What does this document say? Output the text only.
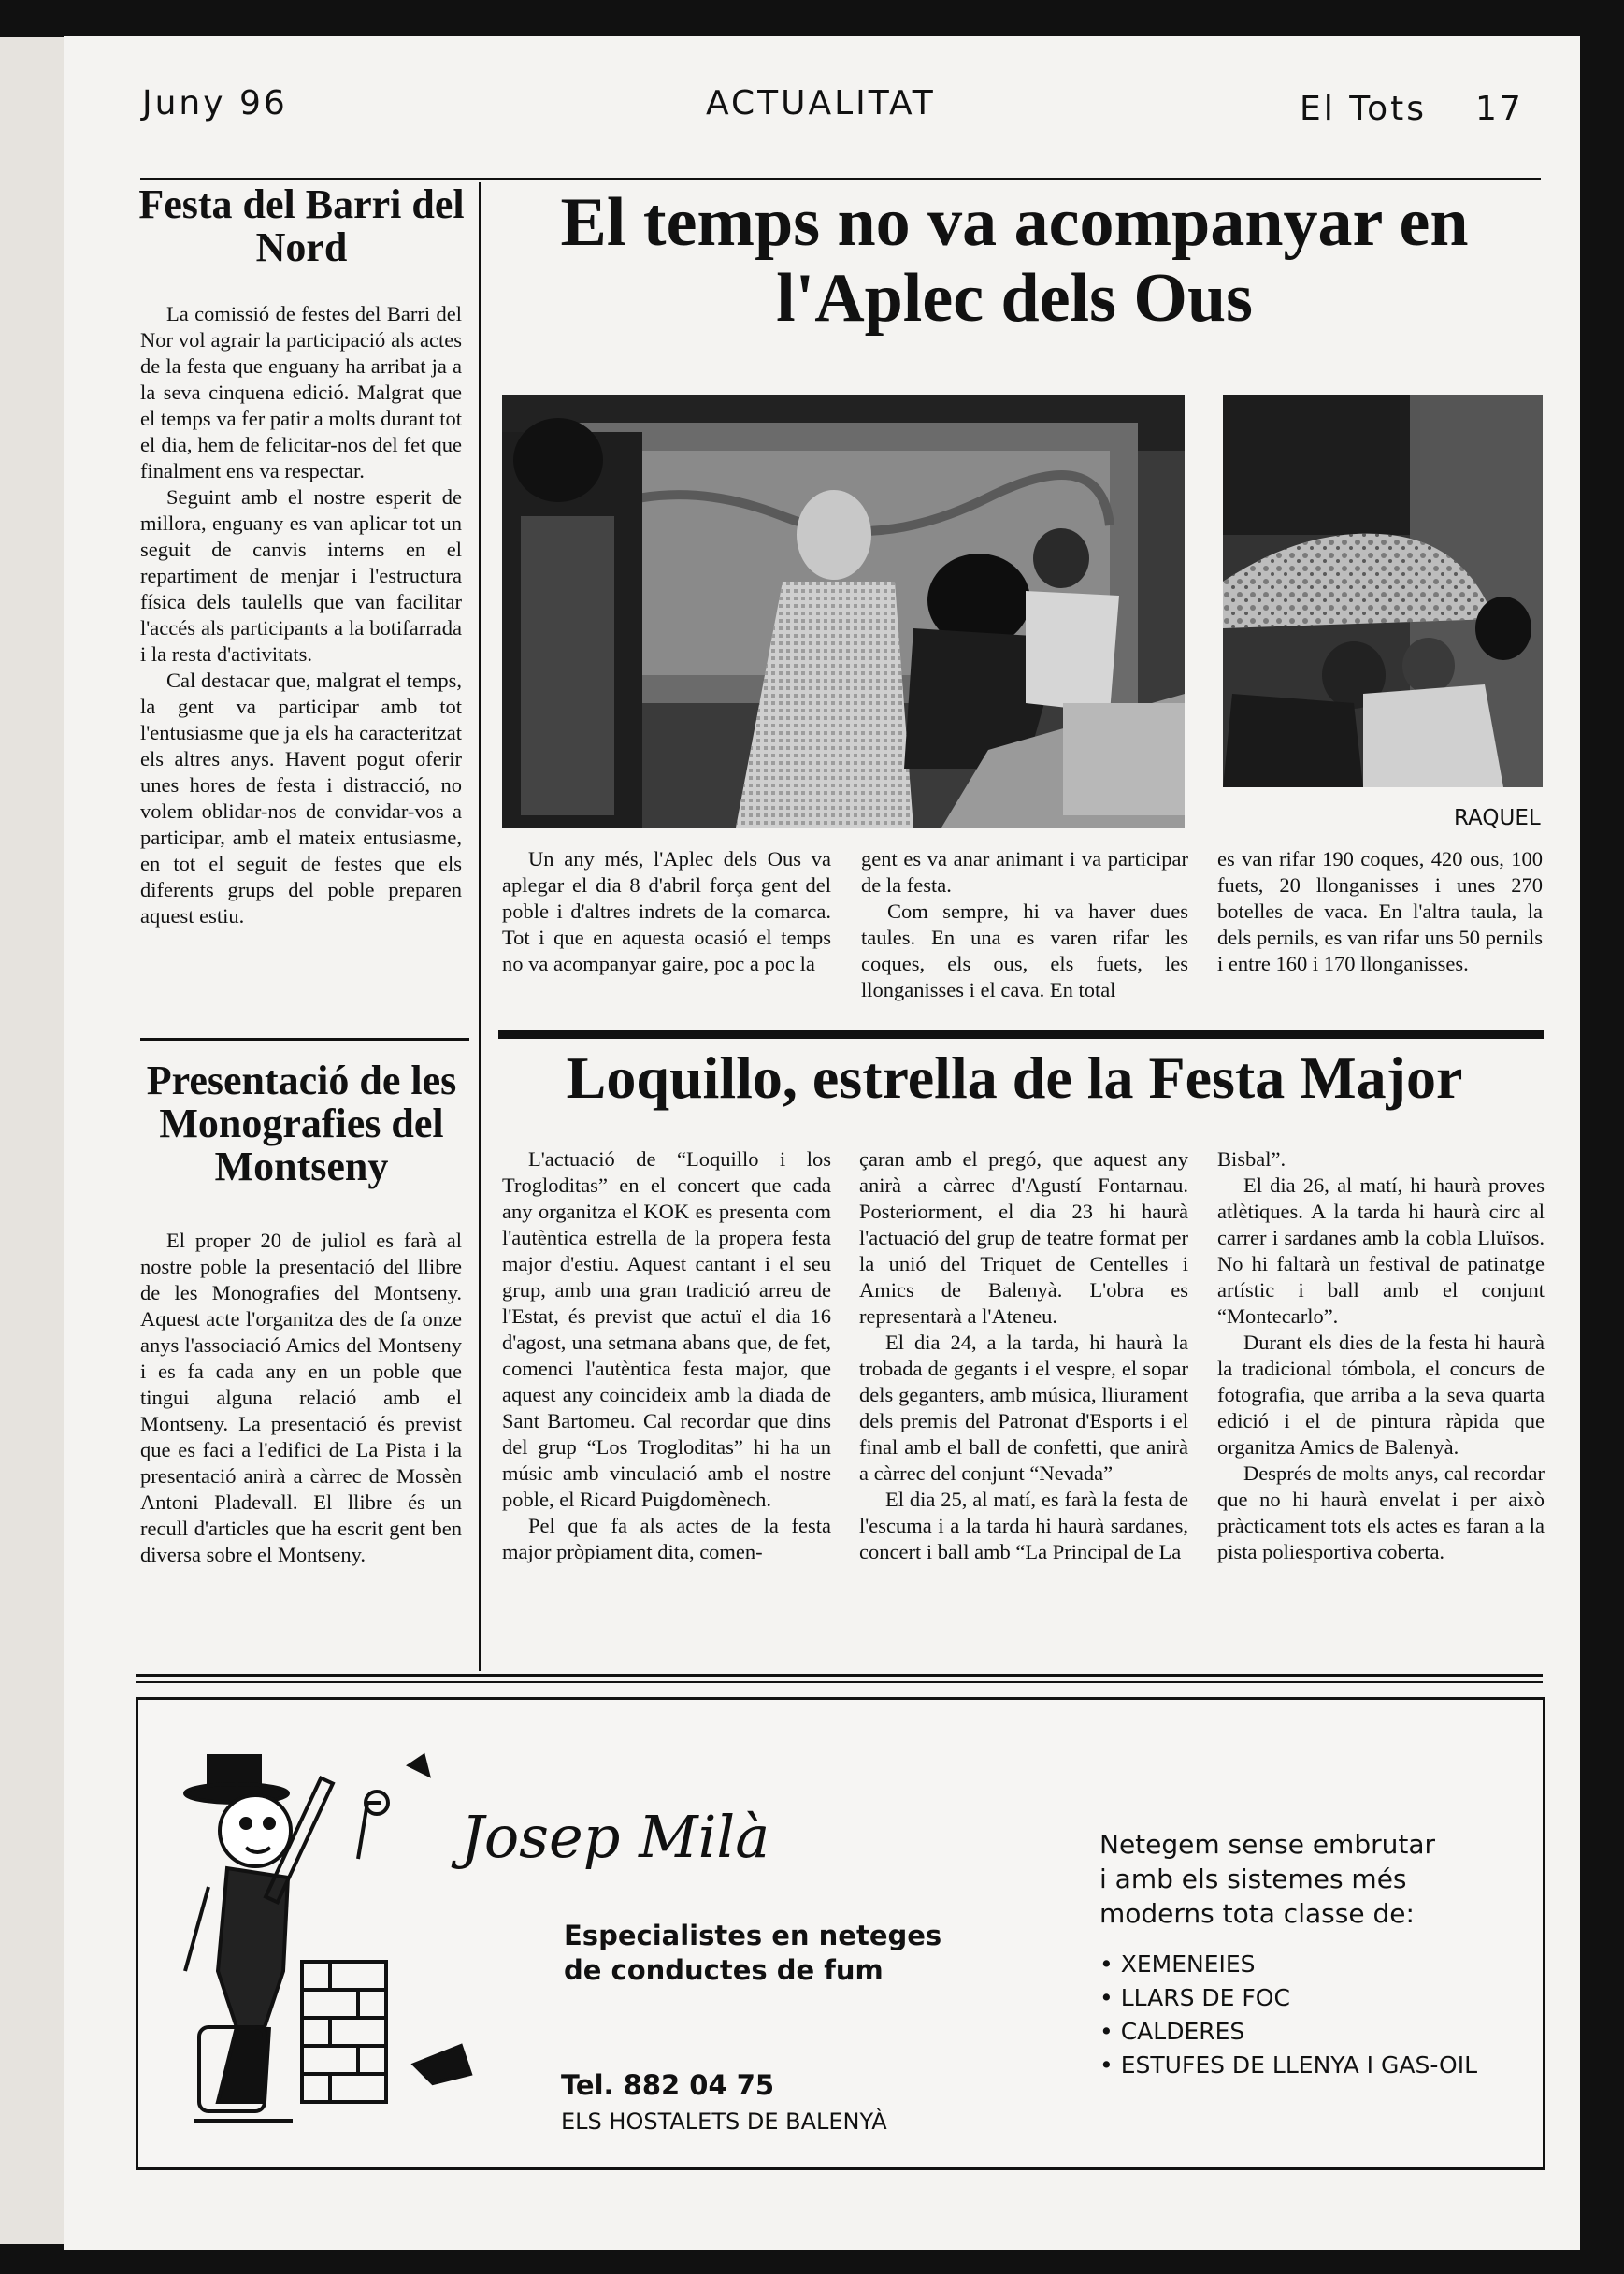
Juny 96	ACTUALITAT	El Tots 17
Festa del Barri del Nord

La comissió de festes del Barri del Nor vol agrair la participació als actes de la festa que enguany ha arribat ja a la seva cinquena edició. Malgrat que el temps va fer patir a molts durant tot el dia, hem de felicitar-nos del fet que finalment ens va respectar.

Seguint amb el nostre esperit de millora, enguany es van aplicar tot un seguit de canvis interns en el repartiment de menjar i l'estructura física dels taulells que van facilitar l'accés als participants a la botifarrada i la resta d'activitats.

Cal destacar que, malgrat el temps, la gent va participar amb tot l'entusiasme que ja els ha caracteritzat els altres anys. Havent pogut oferir unes hores de festa i distracció, no volem oblidar-nos de convidar-vos a participar, amb el mateix entusiasme, en tot el seguit de festes que els diferents grups del poble preparen aquest estiu.

Presentació de les Monografies del Montseny

El proper 20 de juliol es farà al nostre poble la presentació del llibre de les Monografies del Montseny. Aquest acte l'organitza des de fa onze anys l'associació Amics del Montseny i es fa cada any en un poble que tingui alguna relació amb el Montseny. La presentació és previst que es faci a l'edifici de La Pista i la presentació anirà a càrrec de Mossèn Antoni Pladevall. El llibre és un recull d'articles que ha escrit gent ben diversa sobre el Montseny.

El temps no va acompanyar en l'Aplec dels Ous
RAQUEL

Un any més, l'Aplec dels Ous va aplegar el dia 8 d'abril força gent del poble i d'altres indrets de la comarca. Tot i que en aquesta ocasió el temps no va acompanyar gaire, poc a poc la

gent es va anar animant i va participar de la festa.

Com sempre, hi va haver dues taules. En una es varen rifar les coques, els ous, els fuets, les llonganisses i el cava. En total

es van rifar 190 coques, 420 ous, 100 fuets, 20 llonganisses i unes 270 botelles de vaca. En l'altra taula, la dels pernils, es van rifar uns 50 pernils i entre 160 i 170 llonganisses.

Loquillo, estrella de la Festa Major

L'actuació de “Loquillo i los Trogloditas” en el concert que cada any organitza el KOK es presenta com l'autèntica estrella de la propera festa major d'estiu. Aquest cantant i el seu grup, amb una gran tradició arreu de l'Estat, és previst que actuï el dia 16 d'agost, una setmana abans que, de fet, comenci l'autèntica festa major, que aquest any coincideix amb la diada de Sant Bartomeu. Cal recordar que dins del grup “Los Trogloditas” hi ha un músic amb vinculació amb el nostre poble, el Ricard Puigdomènech.

Pel que fa als actes de la festa major pròpiament dita, comen-

çaran amb el pregó, que aquest any anirà a càrrec d'Agustí Fontarnau. Posteriorment, el dia 23 hi haurà l'actuació del grup de teatre format per la unió del Triquet de Centelles i Amics de Balenyà. L'obra es representarà a l'Ateneu.

El dia 24, a la tarda, hi haurà la trobada de gegants i el vespre, el sopar dels geganters, amb música, lliurament dels premis del Patronat d'Esports i el final amb el ball de confetti, que anirà a càrrec del conjunt “Nevada”

El dia 25, al matí, es farà la festa de l'escuma i a la tarda hi haurà sardanes, concert i ball amb “La Principal de La

Bisbal”.

El dia 26, al matí, hi haurà proves atlètiques. A la tarda hi haurà circ al carrer i sardanes amb la cobla Lluïsos. No hi faltarà un festival de patinatge artístic i ball amb el conjunt “Montecarlo”.

Durant els dies de la festa hi haurà la tradicional tómbola, el concurs de fotografia, que arriba a la seva quarta edició i el de pintura ràpida que organitza Amics de Balenyà.

Després de molts anys, cal recordar que no hi haurà envelat i per això pràcticament tots els actes es faran a la pista poliesportiva coberta.

Josep Milà
Especialistes en neteges
de conductes de fum
Tel. 882 04 75
ELS HOSTALETS DE BALENYÀ
Netegem sense embrutar
i amb els sistemes més
moderns tota classe de:
• XEMENEIES
• LLARS DE FOC
• CALDERES
• ESTUFES DE LLENYA I GAS-OIL
